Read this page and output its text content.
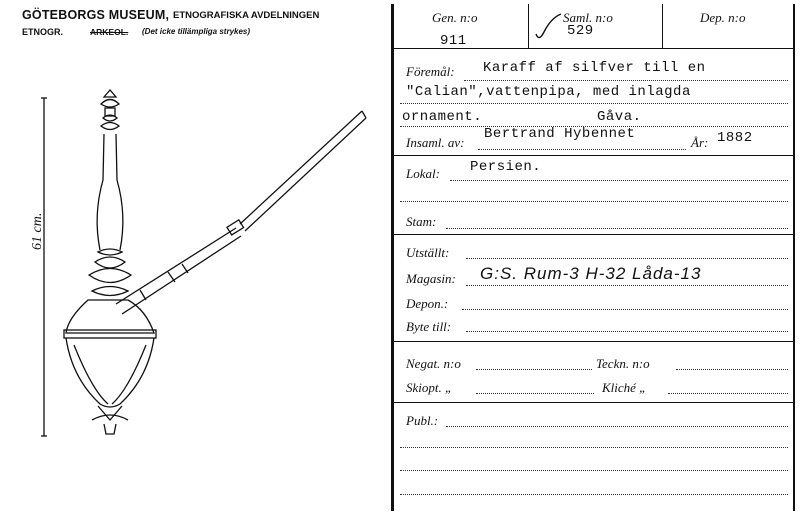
GÖTEBORGS MUSEUM, ETNOGRAFISKA AVDELNINGEN
ETNOGR.	ARKEOL. (Det icke tillämpliga strykes)
61 cm.
Gen. n:o
911
Saml. n:o
529
Dep. n:o
Föremål: Karaff af silfver till en
"Calian",vattenpipa, med inlagda
ornament.	Gåva.
Insaml. av:
Bertrand Hybennet
År: 1882
Lokal: Persien.
Stam:
Utställt:
Magasin: G:S. Rum-3 H-32 Låda-13
Depon.:
Byte till:
Negat. n:o	Teckn. n:o
Skiopt. „	Kliché „
Publ.:
